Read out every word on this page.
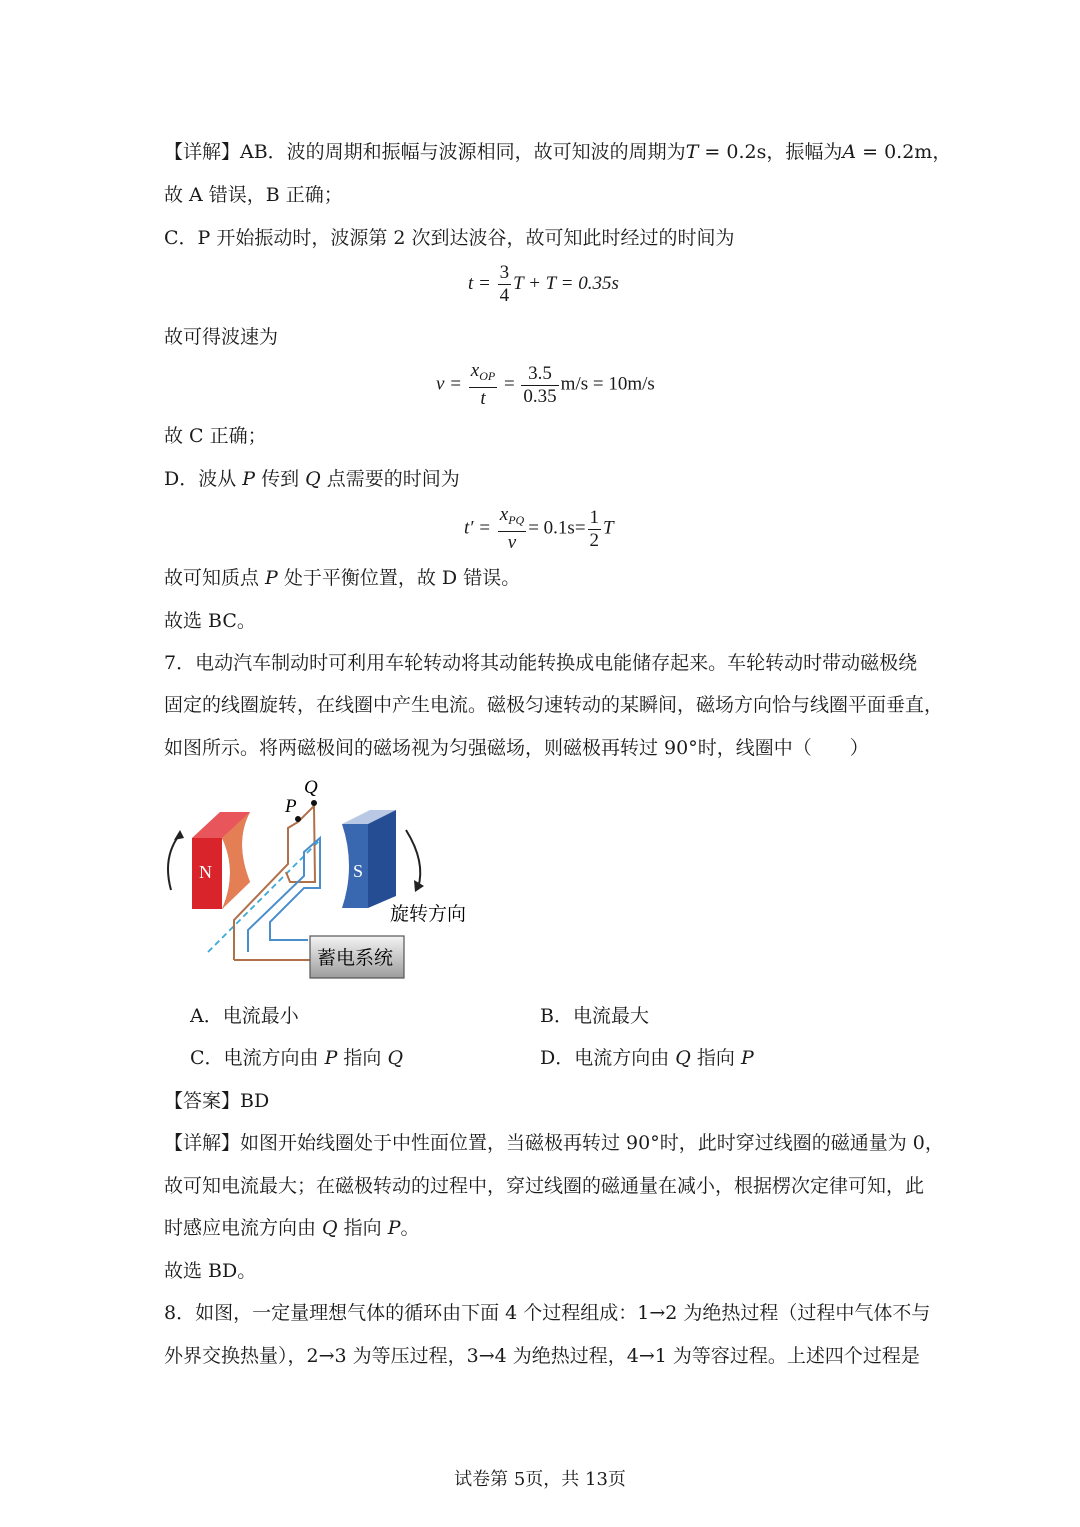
【详解】AB．波的周期和振幅与波源相同，故可知波的周期为T = 0.2s，振幅为A = 0.2m，
故 A 错误，B 正确；
C．P 开始振动时，波源第 2 次到达波谷，故可知此时经过的时间为
$t = \frac{3}{4}$ T + T = 0.35s
故可得波速为
$v = \frac{x_{OP}}{t} = \frac{3.5}{0.35} m/s = 10m/s$
故 C 正确；
D．波从 P 传到 Q 点需要的时间为
$t' = \frac{x_{PQ}}{v} = 0.1s= \frac{1}{2}$ T
故可知质点 P 处于平衡位置，故 D 错误。
故选 BC。
7．电动汽车制动时可利用车轮转动将其动能转换成电能储存起来。车轮转动时带动磁极绕
固定的线圈旋转，在线圈中产生电流。磁极匀速转动的某瞬间，磁场方向恰与线圈平面垂直，
如图所示。将两磁极间的磁场视为匀强磁场，则磁极再转过 90°时，线圈中（　　）
N
P
Q
S
旋转方向
蓄电系统
A．电流最小	B．电流最大
C．电流方向由 P 指向 Q	D．电流方向由 Q 指向 P
【答案】BD
【详解】如图开始线圈处于中性面位置，当磁极再转过 90°时，此时穿过线圈的磁通量为 0，
故可知电流最大；在磁极转动的过程中，穿过线圈的磁通量在减小，根据楞次定律可知，此
时感应电流方向由 Q 指向 P。
故选 BD。
8．如图，一定量理想气体的循环由下面 4 个过程组成：1→2 为绝热过程（过程中气体不与
外界交换热量），2→3 为等压过程，3→4 为绝热过程，4→1 为等容过程。上述四个过程是
试卷第 5页，共 13页
